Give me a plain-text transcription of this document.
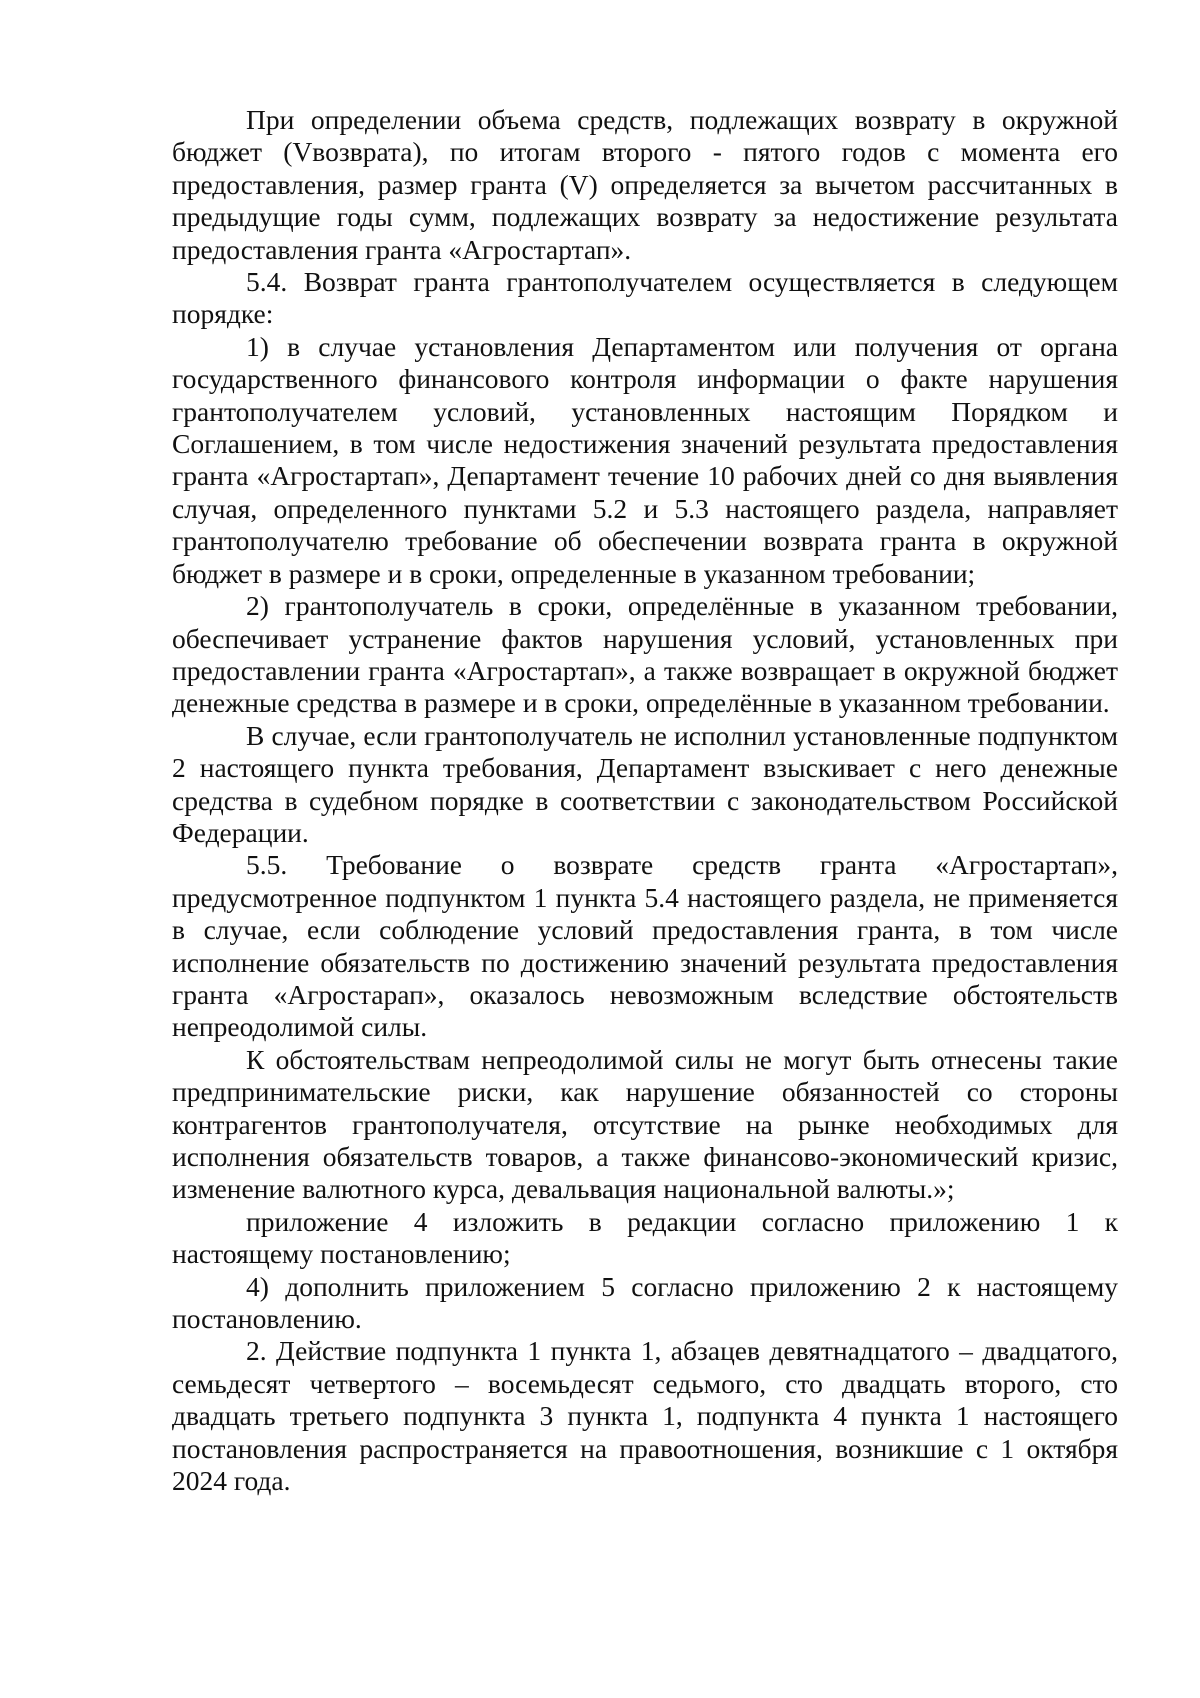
При определении объема средств, подлежащих возврату в окружной бюджет (Vвозврата), по итогам второго - пятого годов с момента его предоставления, размер гранта (V) определяется за вычетом рассчитанных в предыдущие годы сумм, подлежащих возврату за недостижение результата предоставления гранта «Агростартап».

5.4. Возврат гранта грантополучателем осуществляется в следующем порядке:

1) в случае установления Департаментом или получения от органа государственного финансового контроля информации о факте нарушения грантополучателем условий, установленных настоящим Порядком и Соглашением, в том числе недостижения значений результата предоставления гранта «Агростартап», Департамент течение 10 рабочих дней со дня выявления случая, определенного пунктами 5.2 и 5.3 настоящего раздела, направляет грантополучателю требование об обеспечении возврата гранта в окружной бюджет в размере и в сроки, определенные в указанном требовании;

2) грантополучатель в сроки, определённые в указанном требовании, обеспечивает устранение фактов нарушения условий, установленных при предоставлении гранта «Агростартап», а также возвращает в окружной бюджет денежные средства в размере и в сроки, определённые в указанном требовании.

В случае, если грантополучатель не исполнил установленные подпунктом 2 настоящего пункта требования, Департамент взыскивает с него денежные средства в судебном порядке в соответствии с законодательством Российской Федерации.

5.5. Требование о возврате средств гранта «Агростартап», предусмотренное подпунктом 1 пункта 5.4 настоящего раздела, не применяется в случае, если соблюдение условий предоставления гранта, в том числе исполнение обязательств по достижению значений результата предоставления гранта «Агростарап», оказалось невозможным вследствие обстоятельств непреодолимой силы.

К обстоятельствам непреодолимой силы не могут быть отнесены такие предпринимательские риски, как нарушение обязанностей со стороны контрагентов грантополучателя, отсутствие на рынке необходимых для исполнения обязательств товаров, а также финансово-экономический кризис, изменение валютного курса, девальвация национальной валюты.»;

приложение 4 изложить в редакции согласно приложению 1 к настоящему постановлению;

4) дополнить приложением 5 согласно приложению 2 к настоящему постановлению.

2. Действие подпункта 1 пункта 1, абзацев девятнадцатого – двадцатого, семьдесят четвертого – восемьдесят седьмого, сто двадцать второго, сто двадцать третьего подпункта 3 пункта 1, подпункта 4 пункта 1 настоящего постановления распространяется на правоотношения, возникшие с 1 октября 2024 года.
